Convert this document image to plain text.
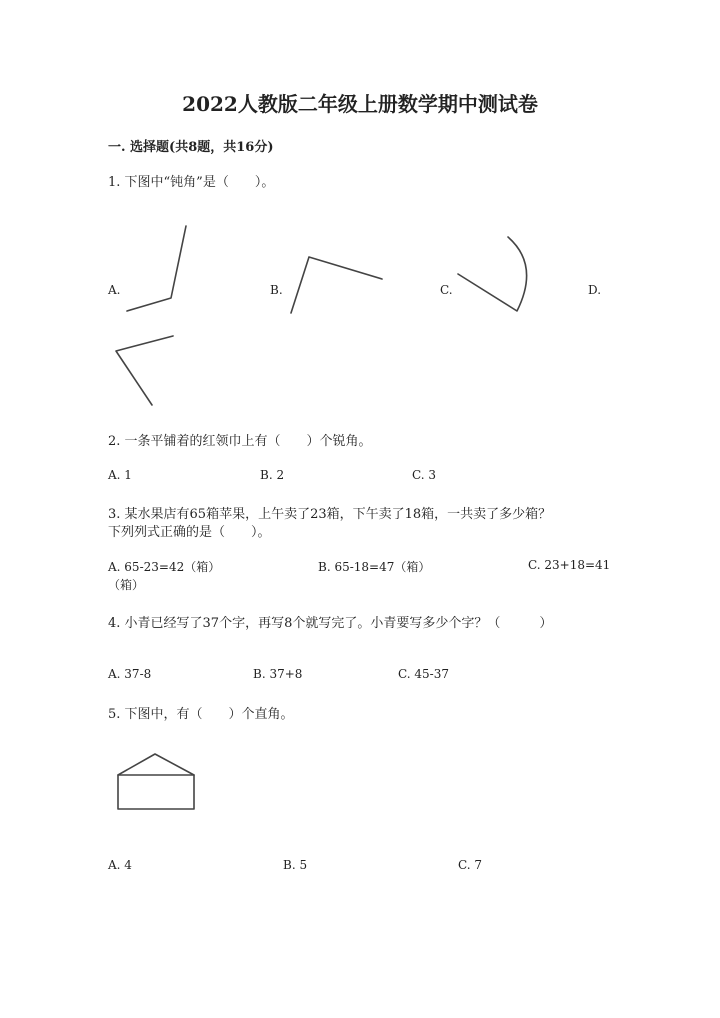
2022人教版二年级上册数学期中测试卷
一. 选择题(共8题，共16分)
1. 下图中“钝角”是（　　）。
A.	B.	C.	D.
2. 一条平铺着的红领巾上有（　　）个锐角。
A. 1	B. 2	C. 3
3. 某水果店有65箱苹果，上午卖了23箱，下午卖了18箱，一共卖了多少箱？
下列列式正确的是（　　）。
A. 65-23=42（箱）	B. 65-18=47（箱）	C. 23+18=41
（箱）
4. 小青已经写了37个字，再写8个就写完了。小青要写多少个字？（　　　）
A. 37-8	B. 37+8	C. 45-37
5. 下图中，有（　　）个直角。
A. 4	B. 5	C. 7
